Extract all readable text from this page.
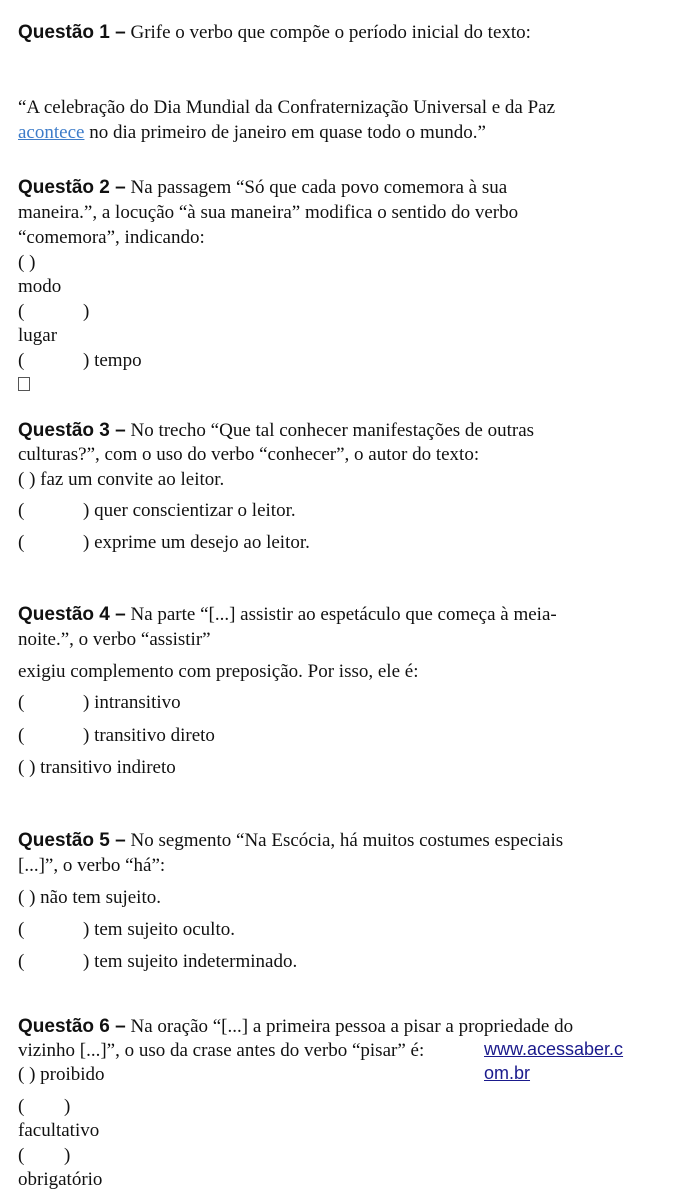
Questão 1 – Grife o verbo que compõe o período inicial do texto:
“A celebração do Dia Mundial da Confraternização Universal e da Paz
acontece no dia primeiro de janeiro em quase todo o mundo.”
Questão 2 – Na passagem “Só que cada povo comemora à sua
maneira.”, a locução “à sua maneira” modifica o sentido do verbo
“comemora”, indicando:
( )
modo
(	)
lugar
(	) tempo
Questão 3 – No trecho “Que tal conhecer manifestações de outras
culturas?”, com o uso do verbo “conhecer”, o autor do texto:
( ) faz um convite ao leitor.
(	) quer conscientizar o leitor.
(	) exprime um desejo ao leitor.
Questão 4 – Na parte “[...] assistir ao espetáculo que começa à meia-
noite.”, o verbo “assistir”
exigiu complemento com preposição. Por isso, ele é:
(	) intransitivo
(	) transitivo direto
( ) transitivo indireto
Questão 5 – No segmento “Na Escócia, há muitos costumes especiais
[...]”, o verbo “há”:
( ) não tem sujeito.
(	) tem sujeito oculto.
(	) tem sujeito indeterminado.
Questão 6 – Na oração “[...] a primeira pessoa a pisar a propriedade do
vizinho [...]”, o uso da crase antes do verbo “pisar” é:
( ) proibido
( )
facultativo
( )
obrigatório
www.acessaber.c
om.br
